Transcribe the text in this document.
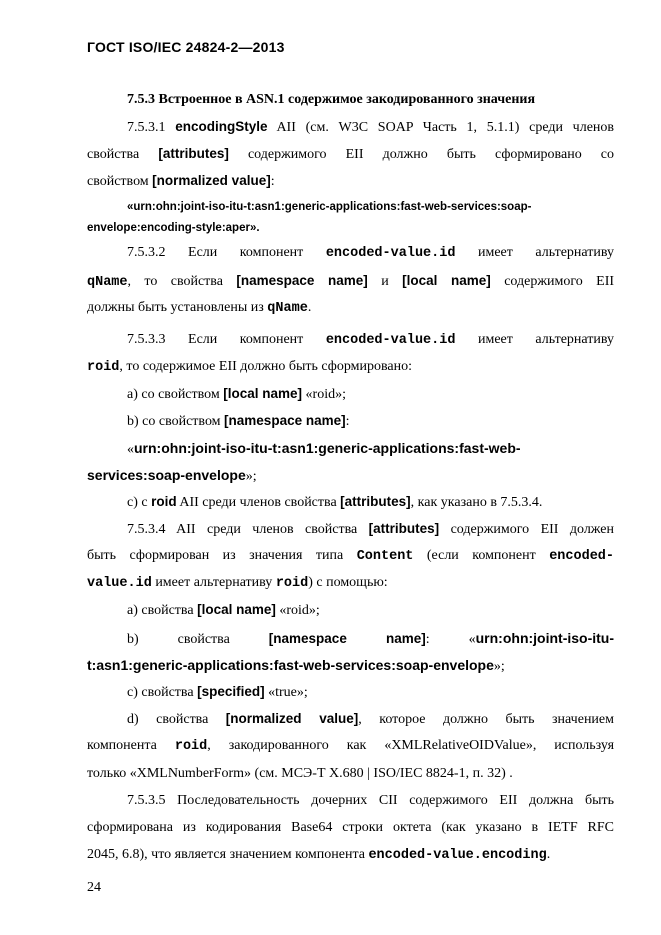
ГОСТ ISO/IEC 24824-2—2013
7.5.3 Встроенное в ASN.1 содержимое закодированного значения
7.5.3.1 encodingStyle AII (см. W3C SOAP Часть 1, 5.1.1) среди членов
свойства [attributes] содержимого EII должно быть сформировано со
свойством [normalized value]:
«urn:ohn:joint-iso-itu-t:asn1:generic-applications:fast-web-services:soap-
envelope:encoding-style:aper».
7.5.3.2 Если компонент encoded-value.id имеет альтернативу
qName, то свойства [namespace name] и [local name] содержимого EII
должны быть установлены из qName.
7.5.3.3 Если компонент encoded-value.id имеет альтернативу
roid, то содержимое EII должно быть сформировано:
a) со свойством [local name] «roid»;
b) со свойством [namespace name]:
«urn:ohn:joint-iso-itu-t:asn1:generic-applications:fast-web-
services:soap-envelope»;
c) с roid AII среди членов свойства [attributes], как указано в 7.5.3.4.
7.5.3.4 AII среди членов свойства [attributes] содержимого EII должен
быть сформирован из значения типа Content (если компонент encoded-
value.id имеет альтернативу roid) с помощью:
a) свойства [local name] «roid»;
b)	свойства	[namespace name]:	«urn:ohn:joint-iso-itu-
t:asn1:generic-applications:fast-web-services:soap-envelope»;
c) свойства [specified] «true»;
d) свойства [normalized value], которое должно быть значением
компонента roid, закодированного как «XMLRelativeOIDValue», используя
только «XMLNumberForm» (см. МСЭ-Т X.680 | ISO/IEC 8824-1, п. 32) .
7.5.3.5 Последовательность дочерних CII содержимого EII должна быть
сформирована из кодирования Base64 строки октета (как указано в IETF RFC
2045, 6.8), что является значением компонента encoded-value.encoding.
24
